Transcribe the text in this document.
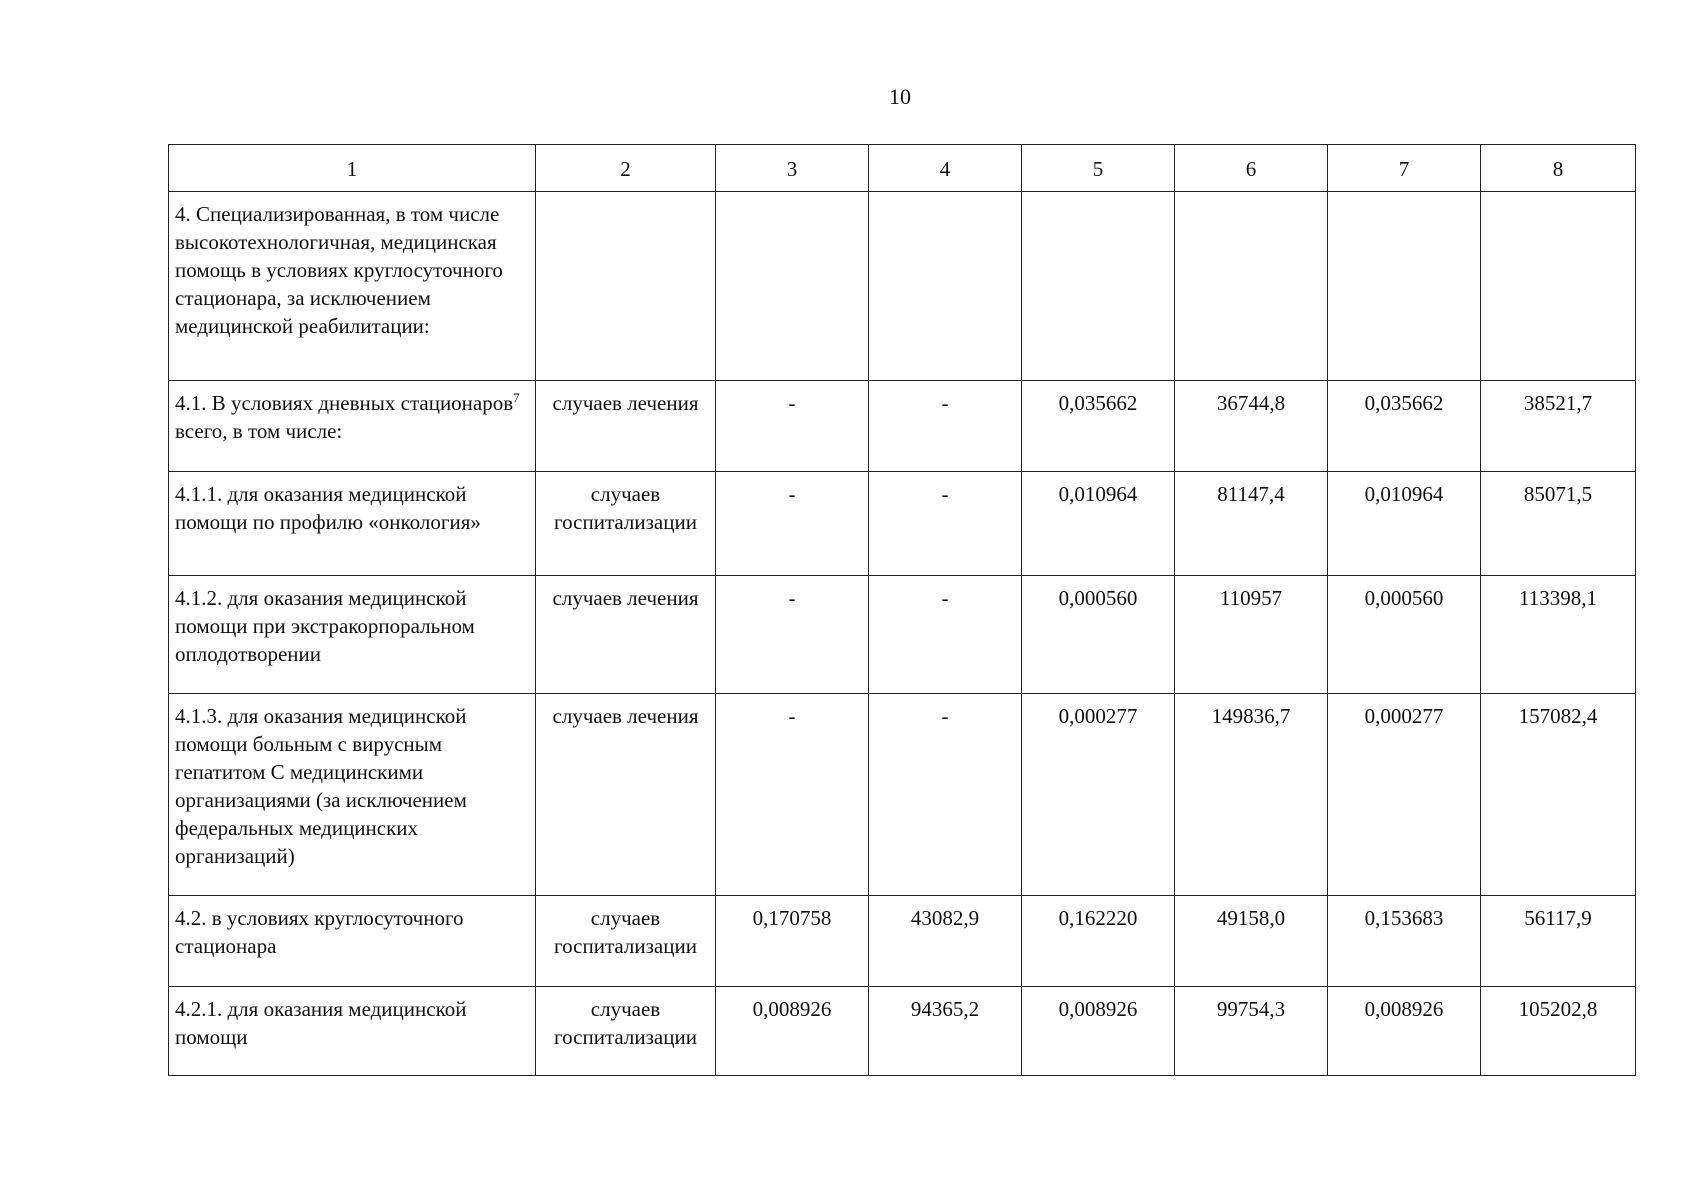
10
1	2	3	4	5	6	7	8
4. Специализированная, в том числе высокотехнологичная, медицинская помощь в условиях круглосуточного стационара, за исключением медицинской реабилитации:							
4.1. В условиях дневных стационаров$^7$ всего, в том числе:	случаев лечения	-	-	0,035662	36744,8	0,035662	38521,7
4.1.1. для оказания медицинской помощи по профилю «онкология»	случаев госпитализации	-	-	0,010964	81147,4	0,010964	85071,5
4.1.2. для оказания медицинской помощи при экстракорпоральном оплодотворении	случаев лечения	-	-	0,000560	110957	0,000560	113398,1
4.1.3. для оказания медицинской помощи больным с вирусным гепатитом С медицинскими организациями (за исключением федеральных медицинских организаций)	случаев лечения	-	-	0,000277	149836,7	0,000277	157082,4
4.2. в условиях круглосуточного стационара	случаев госпитализации	0,170758	43082,9	0,162220	49158,0	0,153683	56117,9
4.2.1. для оказания медицинской помощи	случаев госпитализации	0,008926	94365,2	0,008926	99754,3	0,008926	105202,8
